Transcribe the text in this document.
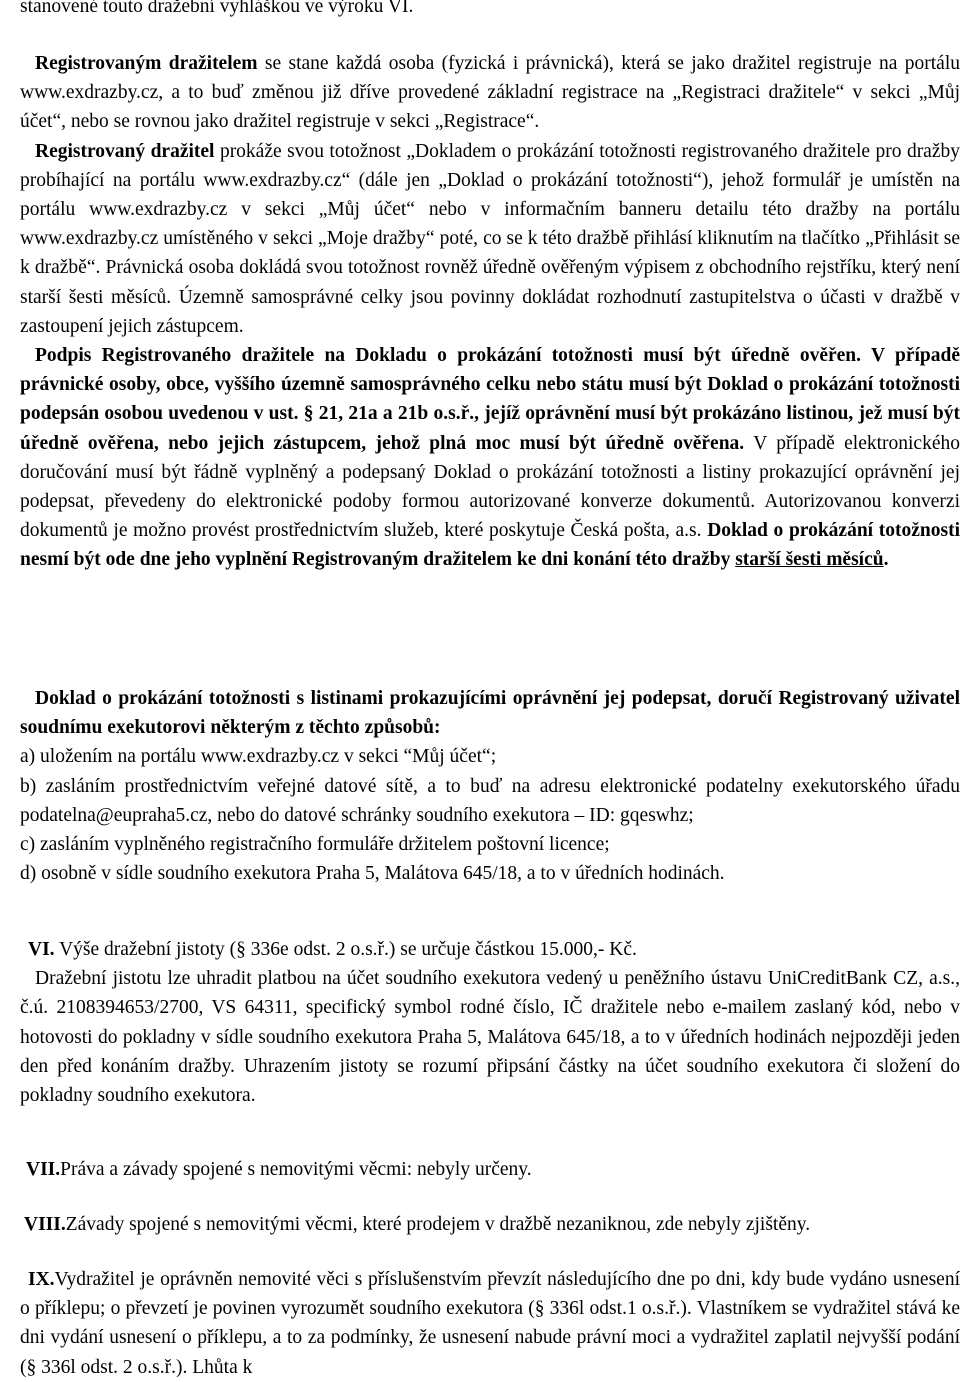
stanovené touto dražební vyhláškou ve výroku VI.

Registrovaným dražitelem se stane každá osoba (fyzická i právnická), která se jako dražitel registruje na portálu www.exdrazby.cz, a to buď změnou již dříve provedené základní registrace na „Registraci dražitele“ v sekci „Můj účet“, nebo se rovnou jako dražitel registruje v sekci „Registrace“.
Registrovaný dražitel prokáže svou totožnost „Dokladem o prokázání totožnosti registrovaného dražitele pro dražby probíhající na portálu www.exdrazby.cz“ (dále jen „Doklad o prokázání totožnosti“), jehož formulář je umístěn na portálu www.exdrazby.cz v sekci „Můj účet“ nebo v informačním banneru detailu této dražby na portálu www.exdrazby.cz umístěného v sekci „Moje dražby“ poté, co se k této dražbě přihlásí kliknutím na tlačítko „Přihlásit se k dražbě“. Právnická osoba dokládá svou totožnost rovněž úředně ověřeným výpisem z obchodního rejstříku, který není starší šesti měsíců. Územně samosprávné celky jsou povinny dokládat rozhodnutí zastupitelstva o účasti v dražbě v zastoupení jejich zástupcem.
Podpis Registrovaného dražitele na Dokladu o prokázání totožnosti musí být úředně ověřen. V případě právnické osoby, obce, vyššího územně samosprávného celku nebo státu musí být Doklad o prokázání totožnosti podepsán osobou uvedenou v ust. § 21, 21a a 21b o.s.ř., jejíž oprávnění musí být prokázáno listinou, jež musí být úředně ověřena, nebo jejich zástupcem, jehož plná moc musí být úředně ověřena. V případě elektronického doručování musí být řádně vyplněný a podepsaný Doklad o prokázání totožnosti a listiny prokazující oprávnění jej podepsat, převedeny do elektronické podoby formou autorizované konverze dokumentů. Autorizovanou konverzi dokumentů je možno provést prostřednictvím služeb, které poskytuje Česká pošta, a.s. Doklad o prokázání totožnosti nesmí být ode dne jeho vyplnění Registrovaným dražitelem ke dni konání této dražby starší šesti měsíců.
Doklad o prokázání totožnosti s listinami prokazujícími oprávnění jej podepsat, doručí Registrovaný uživatel soudnímu exekutorovi některým z těchto způsobů:
a) uložením na portálu www.exdrazby.cz v sekci “Můj účet“;
b) zasláním prostřednictvím veřejné datové sítě, a to buď na adresu elektronické podatelny exekutorského úřadu podatelna@eupraha5.cz, nebo do datové schránky soudního exekutora – ID: gqeswhz;
c) zasláním vyplněného registračního formuláře držitelem poštovní licence;
d) osobně v sídle soudního exekutora Praha 5, Malátova 645/18, a to v úředních hodinách.
VI. Výše dražební jistoty (§ 336e odst. 2 o.s.ř.) se určuje částkou 15.000,- Kč.
Dražební jistotu lze uhradit platbou na účet soudního exekutora vedený u peněžního ústavu UniCreditBank CZ, a.s., č.ú. 2108394653/2700, VS 64311, specifický symbol rodné číslo, IČ dražitele nebo e-mailem zaslaný kód, nebo v hotovosti do pokladny v sídle soudního exekutora Praha 5, Malátova 645/18, a to v úředních hodinách nejpozději jeden den před konáním dražby. Uhrazením jistoty se rozumí připsání částky na účet soudního exekutora či složení do pokladny soudního exekutora.
VII.Práva a závady spojené s nemovitými věcmi: nebyly určeny.
VIII.Závady spojené s nemovitými věcmi, které prodejem v dražbě nezaniknou, zde nebyly zjištěny.
IX.Vydražitel je oprávněn nemovité věci s příslušenstvím převzít následujícího dne po dni, kdy bude vydáno usnesení o příklepu; o převzetí je povinen vyrozumět soudního exekutora (§ 336l odst.1 o.s.ř.). Vlastníkem se vydražitel stává ke dni vydání usnesení o příklepu, a to za podmínky, že usnesení nabude právní moci a vydražitel zaplatil nejvyšší podání (§ 336l odst. 2 o.s.ř.). Lhůta k
